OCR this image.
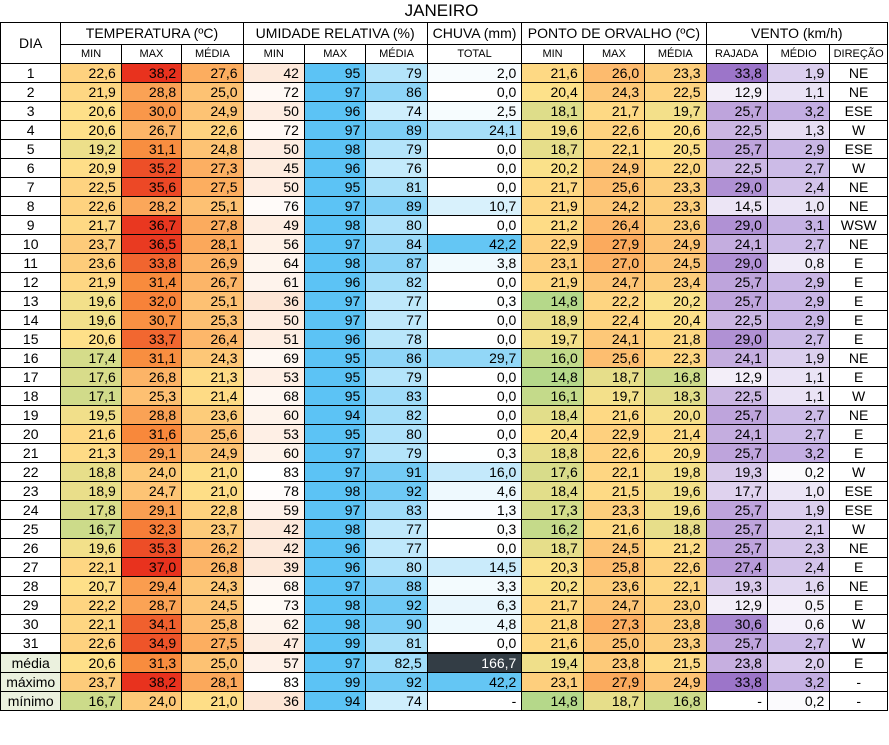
JANEIRO													
DIA	TEMPERATURA (ºC)			UMIDADE RELATIVA (%)			CHUVA (mm)	PONTO DE ORVALHO (ºC)			VENTO (km/h)		
	MIN	MAX	MÉDIA	MIN	MAX	MÉDIA	TOTAL	MIN	MAX	MÉDIA	RAJADA	MÉDIO	DIREÇÃO
1	22,6	38,2	27,6	42	95	79	2,0	21,6	26,0	23,3	33,8	1,9	NE
2	21,9	28,8	25,0	72	97	86	0,0	20,4	24,3	22,5	12,9	1,1	NE
3	20,6	30,0	24,9	50	96	74	2,5	18,1	21,7	19,7	25,7	3,2	ESE
4	20,6	26,7	22,6	72	97	89	24,1	19,6	22,6	20,6	22,5	1,3	W
5	19,2	31,1	24,8	50	98	79	0,0	18,7	22,1	20,5	25,7	2,9	ESE
6	20,9	35,2	27,3	45	96	76	0,0	20,2	24,9	22,0	22,5	2,7	W
7	22,5	35,6	27,5	50	95	81	0,0	21,7	25,6	23,3	29,0	2,4	NE
8	22,6	28,2	25,1	76	97	89	10,7	21,9	24,2	23,3	14,5	1,0	NE
9	21,7	36,7	27,8	49	98	80	0,0	21,2	26,4	23,6	29,0	3,1	WSW
10	23,7	36,5	28,1	56	97	84	42,2	22,9	27,9	24,9	24,1	2,7	NE
11	23,6	33,8	26,9	64	98	87	3,8	23,1	27,0	24,5	29,0	0,8	E
12	21,9	31,4	26,7	61	96	82	0,0	21,9	24,7	23,4	25,7	2,9	E
13	19,6	32,0	25,1	36	97	77	0,3	14,8	22,2	20,2	25,7	2,9	E
14	19,6	30,7	25,3	50	97	77	0,0	18,9	22,4	20,4	22,5	2,9	E
15	20,6	33,7	26,4	51	96	78	0,0	19,7	24,1	21,8	29,0	2,7	E
16	17,4	31,1	24,3	69	95	86	29,7	16,0	25,6	22,3	24,1	1,9	NE
17	17,6	26,8	21,3	53	95	79	0,0	14,8	18,7	16,8	12,9	1,1	E
18	17,1	25,3	21,4	68	95	83	0,0	16,1	19,7	18,3	22,5	1,1	W
19	19,5	28,8	23,6	60	94	82	0,0	18,4	21,6	20,0	25,7	2,7	NE
20	21,6	31,6	25,6	53	95	80	0,0	20,4	22,9	21,4	24,1	2,7	E
21	21,3	29,1	24,9	60	97	79	0,3	18,8	22,6	20,9	25,7	3,2	E
22	18,8	24,0	21,0	83	97	91	16,0	17,6	22,1	19,8	19,3	0,2	W
23	18,9	24,7	21,0	78	98	92	4,6	18,4	21,5	19,6	17,7	1,0	ESE
24	17,8	29,1	22,8	59	97	83	1,3	17,3	23,3	19,6	25,7	1,9	ESE
25	16,7	32,3	23,7	42	98	77	0,3	16,2	21,6	18,8	25,7	2,1	W
26	19,6	35,3	26,2	42	96	77	0,0	18,7	24,5	21,2	25,7	2,3	NE
27	22,1	37,0	26,8	39	96	80	14,5	20,3	25,8	22,6	27,4	2,4	E
28	20,7	29,4	24,3	68	97	88	3,3	20,2	23,6	22,1	19,3	1,6	NE
29	22,2	28,7	24,5	73	98	92	6,3	21,7	24,7	23,0	12,9	0,5	E
30	22,1	34,1	25,8	62	98	90	4,8	21,8	27,3	23,8	30,6	0,6	W
31	22,6	34,9	27,5	47	99	81	0,0	21,6	25,0	23,3	25,7	2,7	W
média	20,6	31,3	25,0	57	97	82,5	166,7	19,4	23,8	21,5	23,8	2,0	E
máximo	23,7	38,2	28,1	83	99	92	42,2	23,1	27,9	24,9	33,8	3,2	-
mínimo	16,7	24,0	21,0	36	94	74	-	14,8	18,7	16,8	-	0,2	-
